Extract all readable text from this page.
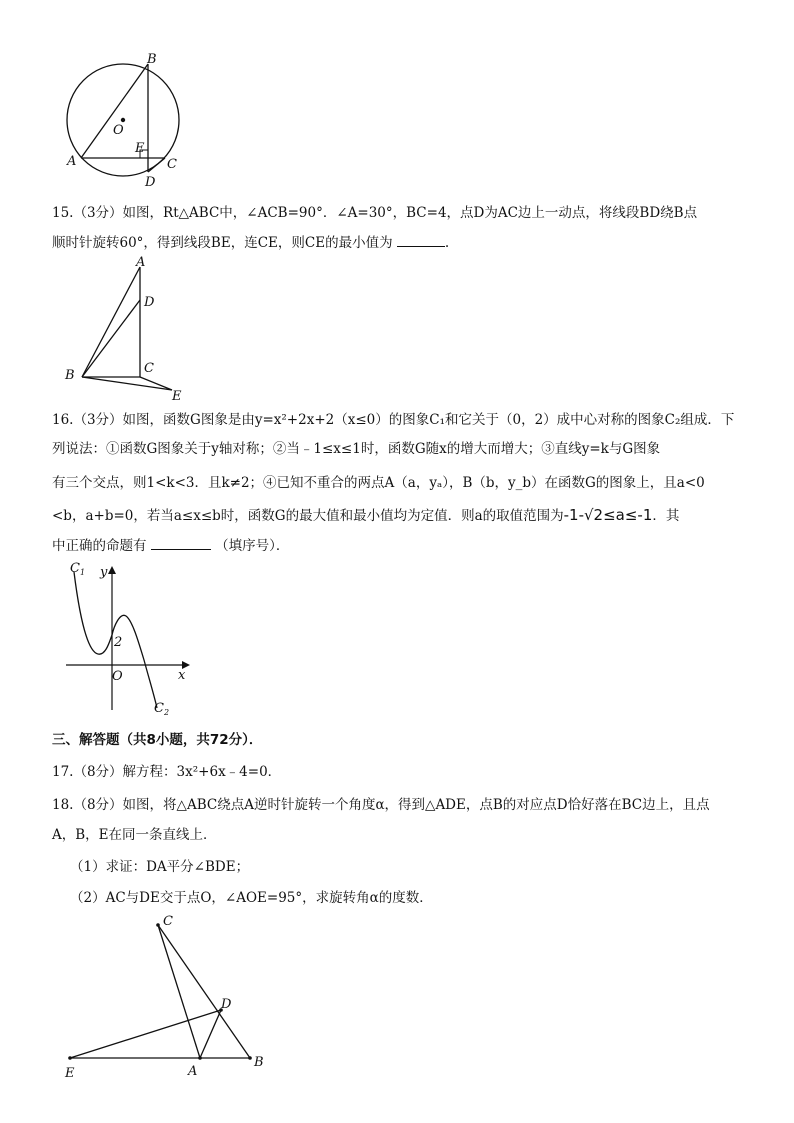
B
O
E
A	C
D
15.（3分）如图，Rt△ABC中，∠ACB=90°．∠A=30°，BC=4，点D为AC边上一动点，将线段BD绕B点
顺时针旋转60°，得到线段BE，连CE，则CE的最小值为	.
A
D
B	C
E
16.（3分）如图，函数G图象是由y=x²+2x+2（x≤0）的图象C₁和它关于（0，2）成中心对称的图象C₂组成．下
列说法：①函数G图象关于y轴对称；②当﹣1≤x≤1时，函数G随x的增大而增大；③直线y=k与G图象
有三个交点，则1<k<3．且k≠2；④已知不重合的两点A（a，yₐ），B（b，y_b）在函数G的图象上，且a<0
<b，a+b=0，若当a≤x≤b时，函数G的最大值和最小值均为定值．则a的取值范围为-1-√2≤a≤-1．其
中正确的命题有	（填序号）．
$C_1$ y
2
O	x
$C_2$
三、解答题（共8小题，共72分）．
17.（8分）解方程：3x²+6x﹣4=0．
18.（8分）如图，将△ABC绕点A逆时针旋转一个角度α，得到△ADE，点B的对应点D恰好落在BC边上，且点
A，B，E在同一条直线上．
（1）求证：DA平分∠BDE；
（2）AC与DE交于点O，∠AOE=95°，求旋转角α的度数．
C
D
E	A
B
